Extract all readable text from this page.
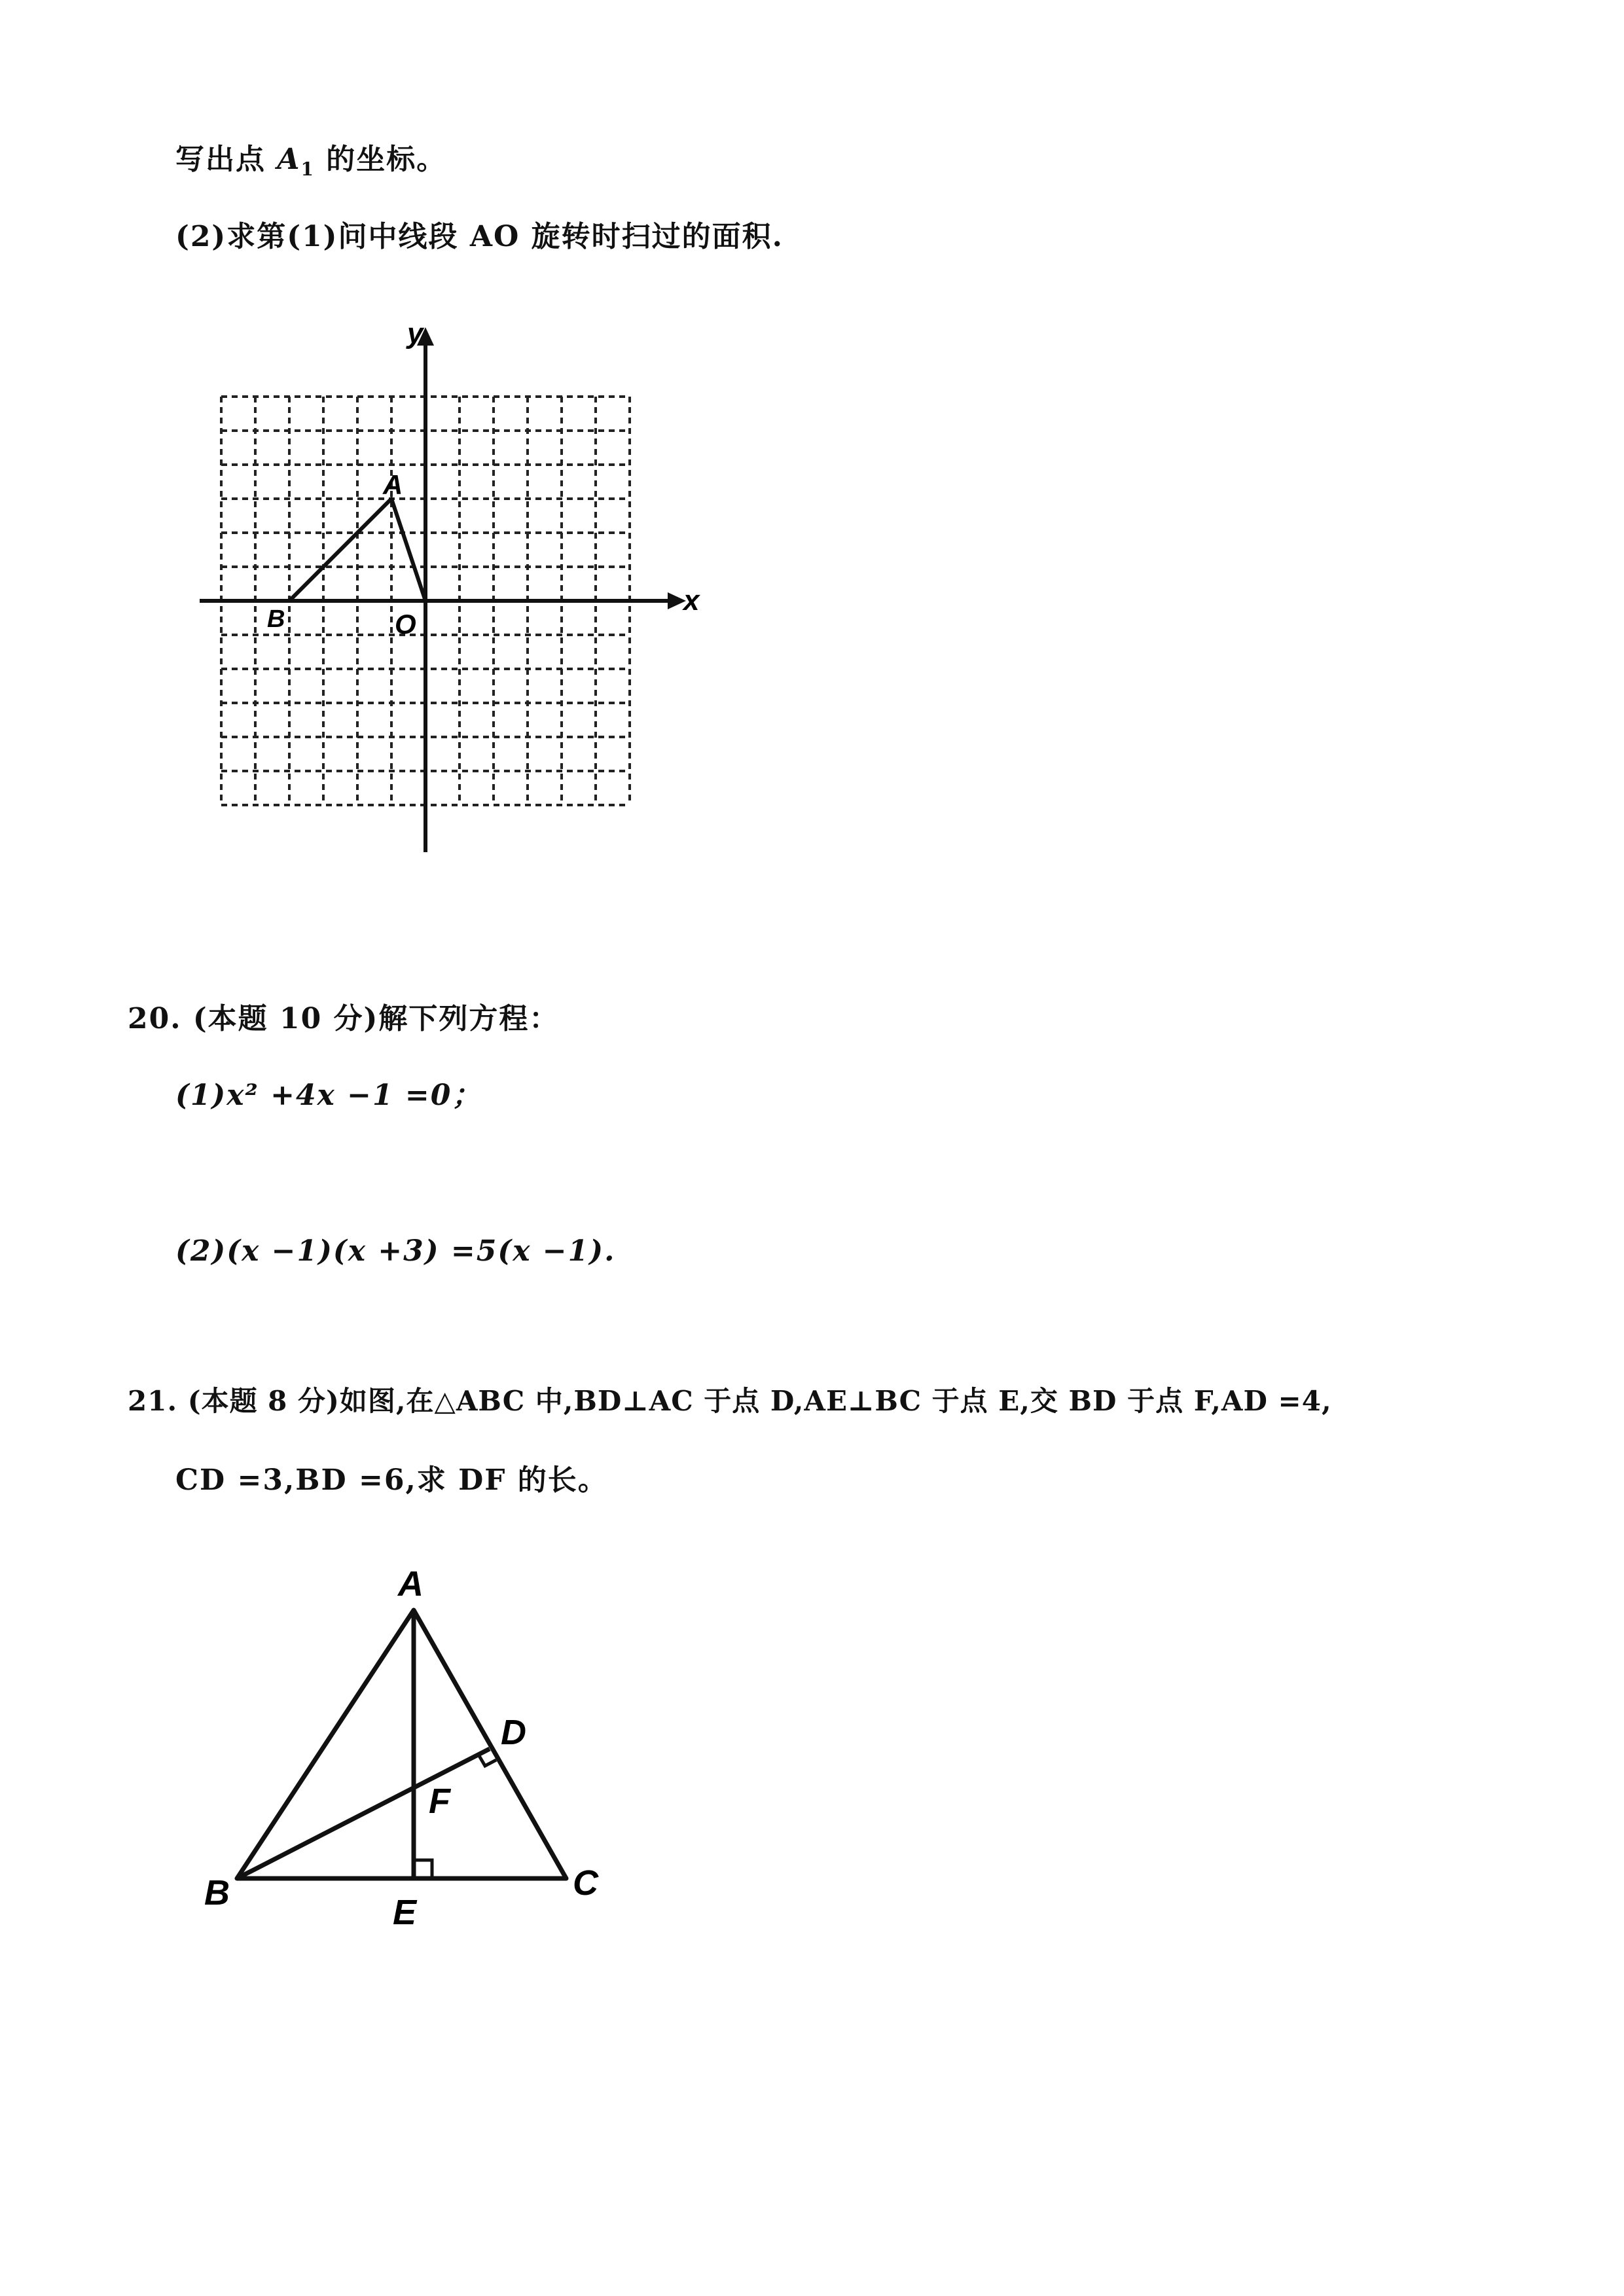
写出点 $A_1$ 的坐标。
(2)求第(1)问中线段 AO 旋转时扫过的面积.
x
y
A
B	O
20. (本题 10 分)解下列方程：
(1)x² +4x −1 =0；
(2)(x −1)(x +3) =5(x −1).
21. (本题 8 分)如图,在△ABC 中,BD⊥AC 于点 D,AE⊥BC 于点 E,交 BD 于点 F,AD =4,
CD =3,BD =6,求 DF 的长。
A
B	C
D
E
F
